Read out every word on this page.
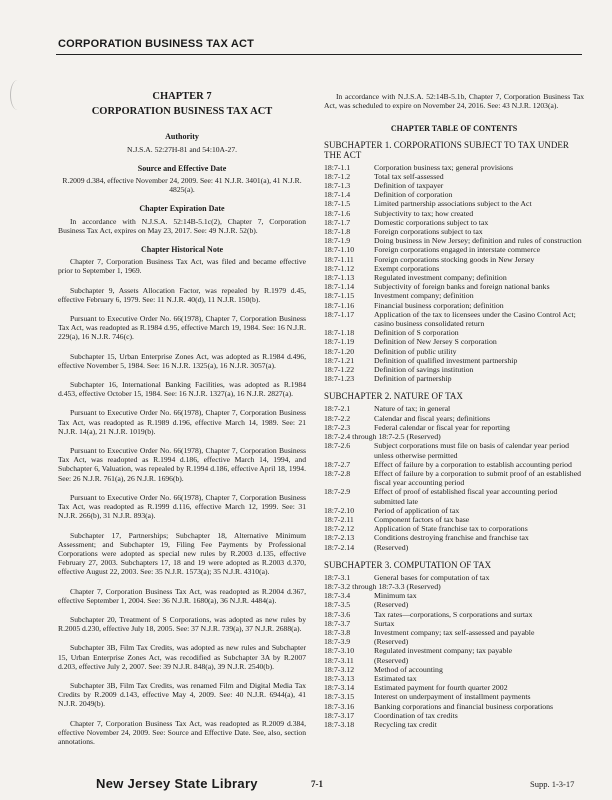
CORPORATION BUSINESS TAX ACT
CHAPTER 7
CORPORATION BUSINESS TAX ACT
Authority
N.J.S.A. 52:27H-81 and 54:10A-27.
Source and Effective Date
R.2009 d.384, effective November 24, 2009. See: 41 N.J.R. 3401(a), 41 N.J.R. 4825(a).
Chapter Expiration Date

In accordance with N.J.S.A. 52:14B-5.1c(2), Chapter 7, Corporation Business Tax Act, expires on May 23, 2017. See: 49 N.J.R. 52(b).

Chapter Historical Note

Chapter 7, Corporation Business Tax Act, was filed and became effective prior to September 1, 1969.

Subchapter 9, Assets Allocation Factor, was repealed by R.1979 d.45, effective February 6, 1979. See: 11 N.J.R. 40(d), 11 N.J.R. 150(b).

Pursuant to Executive Order No. 66(1978), Chapter 7, Corporation Business Tax Act, was readopted as R.1984 d.95, effective March 19, 1984. See: 16 N.J.R. 229(a), 16 N.J.R. 746(c).

Subchapter 15, Urban Enterprise Zones Act, was adopted as R.1984 d.496, effective November 5, 1984. See: 16 N.J.R. 1325(a), 16 N.J.R. 3057(a).

Subchapter 16, International Banking Facilities, was adopted as R.1984 d.453, effective October 15, 1984. See: 16 N.J.R. 1327(a), 16 N.J.R. 2827(a).

Pursuant to Executive Order No. 66(1978), Chapter 7, Corporation Business Tax Act, was readopted as R.1989 d.196, effective March 14, 1989. See: 21 N.J.R. 14(a), 21 N.J.R. 1019(b).

Pursuant to Executive Order No. 66(1978), Chapter 7, Corporation Business Tax Act, was readopted as R.1994 d.186, effective March 14, 1994, and Subchapter 6, Valuation, was repealed by R.1994 d.186, effective April 18, 1994. See: 26 N.J.R. 761(a), 26 N.J.R. 1696(b).

Pursuant to Executive Order No. 66(1978), Chapter 7, Corporation Business Tax Act, was readopted as R.1999 d.116, effective March 12, 1999. See: 31 N.J.R. 266(b), 31 N.J.R. 893(a).

Subchapter 17, Partnerships; Subchapter 18, Alternative Minimum Assessment; and Subchapter 19, Filing Fee Payments by Professional Corporations were adopted as special new rules by R.2003 d.135, effective February 27, 2003. Subchapters 17, 18 and 19 were adopted as R.2003 d.370, effective August 22, 2003. See: 35 N.J.R. 1573(a); 35 N.J.R. 4310(a).

Chapter 7, Corporation Business Tax Act, was readopted as R.2004 d.367, effective September 1, 2004. See: 36 N.J.R. 1680(a), 36 N.J.R. 4484(a).

Subchapter 20, Treatment of S Corporations, was adopted as new rules by R.2005 d.230, effective July 18, 2005. See: 37 N.J.R. 739(a), 37 N.J.R. 2688(a).

Subchapter 3B, Film Tax Credits, was adopted as new rules and Subchapter 15, Urban Enterprise Zones Act, was recodified as Subchapter 3A by R.2007 d.203, effective July 2, 2007. See: 39 N.J.R. 848(a), 39 N.J.R. 2540(b).

Subchapter 3B, Film Tax Credits, was renamed Film and Digital Media Tax Credits by R.2009 d.143, effective May 4, 2009. See: 40 N.J.R. 6944(a), 41 N.J.R. 2049(b).

Chapter 7, Corporation Business Tax Act, was readopted as R.2009 d.384, effective November 24, 2009. See: Source and Effective Date. See, also, section annotations.

In accordance with N.J.S.A. 52:14B-5.1b, Chapter 7, Corporation Business Tax Act, was scheduled to expire on November 24, 2016. See: 43 N.J.R. 1203(a).

CHAPTER TABLE OF CONTENTS
SUBCHAPTER 1. CORPORATIONS SUBJECT TO TAX UNDER THE ACT
18:7-1.1	Corporation business tax; general provisions
18:7-1.2	Total tax self-assessed
18:7-1.3	Definition of taxpayer
18:7-1.4	Definition of corporation
18:7-1.5	Limited partnership associations subject to the Act
18:7-1.6	Subjectivity to tax; how created
18:7-1.7	Domestic corporations subject to tax
18:7-1.8	Foreign corporations subject to tax
18:7-1.9	Doing business in New Jersey; definition and rules of construction
18:7-1.10	Foreign corporations engaged in interstate commerce
18:7-1.11	Foreign corporations stocking goods in New Jersey
18:7-1.12	Exempt corporations
18:7-1.13	Regulated investment company; definition
18:7-1.14	Subjectivity of foreign banks and foreign national banks
18:7-1.15	Investment company; definition
18:7-1.16	Financial business corporation; definition
18:7-1.17	Application of the tax to licensees under the Casino Control Act; casino business consolidated return
18:7-1.18	Definition of S corporation
18:7-1.19	Definition of New Jersey S corporation
18:7-1.20	Definition of public utility
18:7-1.21	Definition of qualified investment partnership
18:7-1.22	Definition of savings institution
18:7-1.23	Definition of partnership
SUBCHAPTER 2. NATURE OF TAX
18:7-2.1	Nature of tax; in general
18:7-2.2	Calendar and fiscal years; definitions
18:7-2.3	Federal calendar or fiscal year for reporting
18:7-2.4 through 18:7-2.5 (Reserved)
18:7-2.6	Subject corporations must file on basis of calendar year period unless otherwise permitted
18:7-2.7	Effect of failure by a corporation to establish accounting period
18:7-2.8	Effect of failure by a corporation to submit proof of an established fiscal year accounting period
18:7-2.9	Effect of proof of established fiscal year accounting period submitted late
18:7-2.10	Period of application of tax
18:7-2.11	Component factors of tax base
18:7-2.12	Application of State franchise tax to corporations
18:7-2.13	Conditions destroying franchise and franchise tax
18:7-2.14	(Reserved)
SUBCHAPTER 3. COMPUTATION OF TAX
18:7-3.1	General bases for computation of tax
18:7-3.2 through 18:7-3.3 (Reserved)
18:7-3.4	Minimum tax
18:7-3.5	(Reserved)
18:7-3.6	Tax rates—corporations, S corporations and surtax
18:7-3.7	Surtax
18:7-3.8	Investment company; tax self-assessed and payable
18:7-3.9	(Reserved)
18:7-3.10	Regulated investment company; tax payable
18:7-3.11	(Reserved)
18:7-3.12	Method of accounting
18:7-3.13	Estimated tax
18:7-3.14	Estimated payment for fourth quarter 2002
18:7-3.15	Interest on underpayment of installment payments
18:7-3.16	Banking corporations and financial business corporations
18:7-3.17	Coordination of tax credits
18:7-3.18	Recycling tax credit
New Jersey State Library	7-1	Supp. 1-3-17
